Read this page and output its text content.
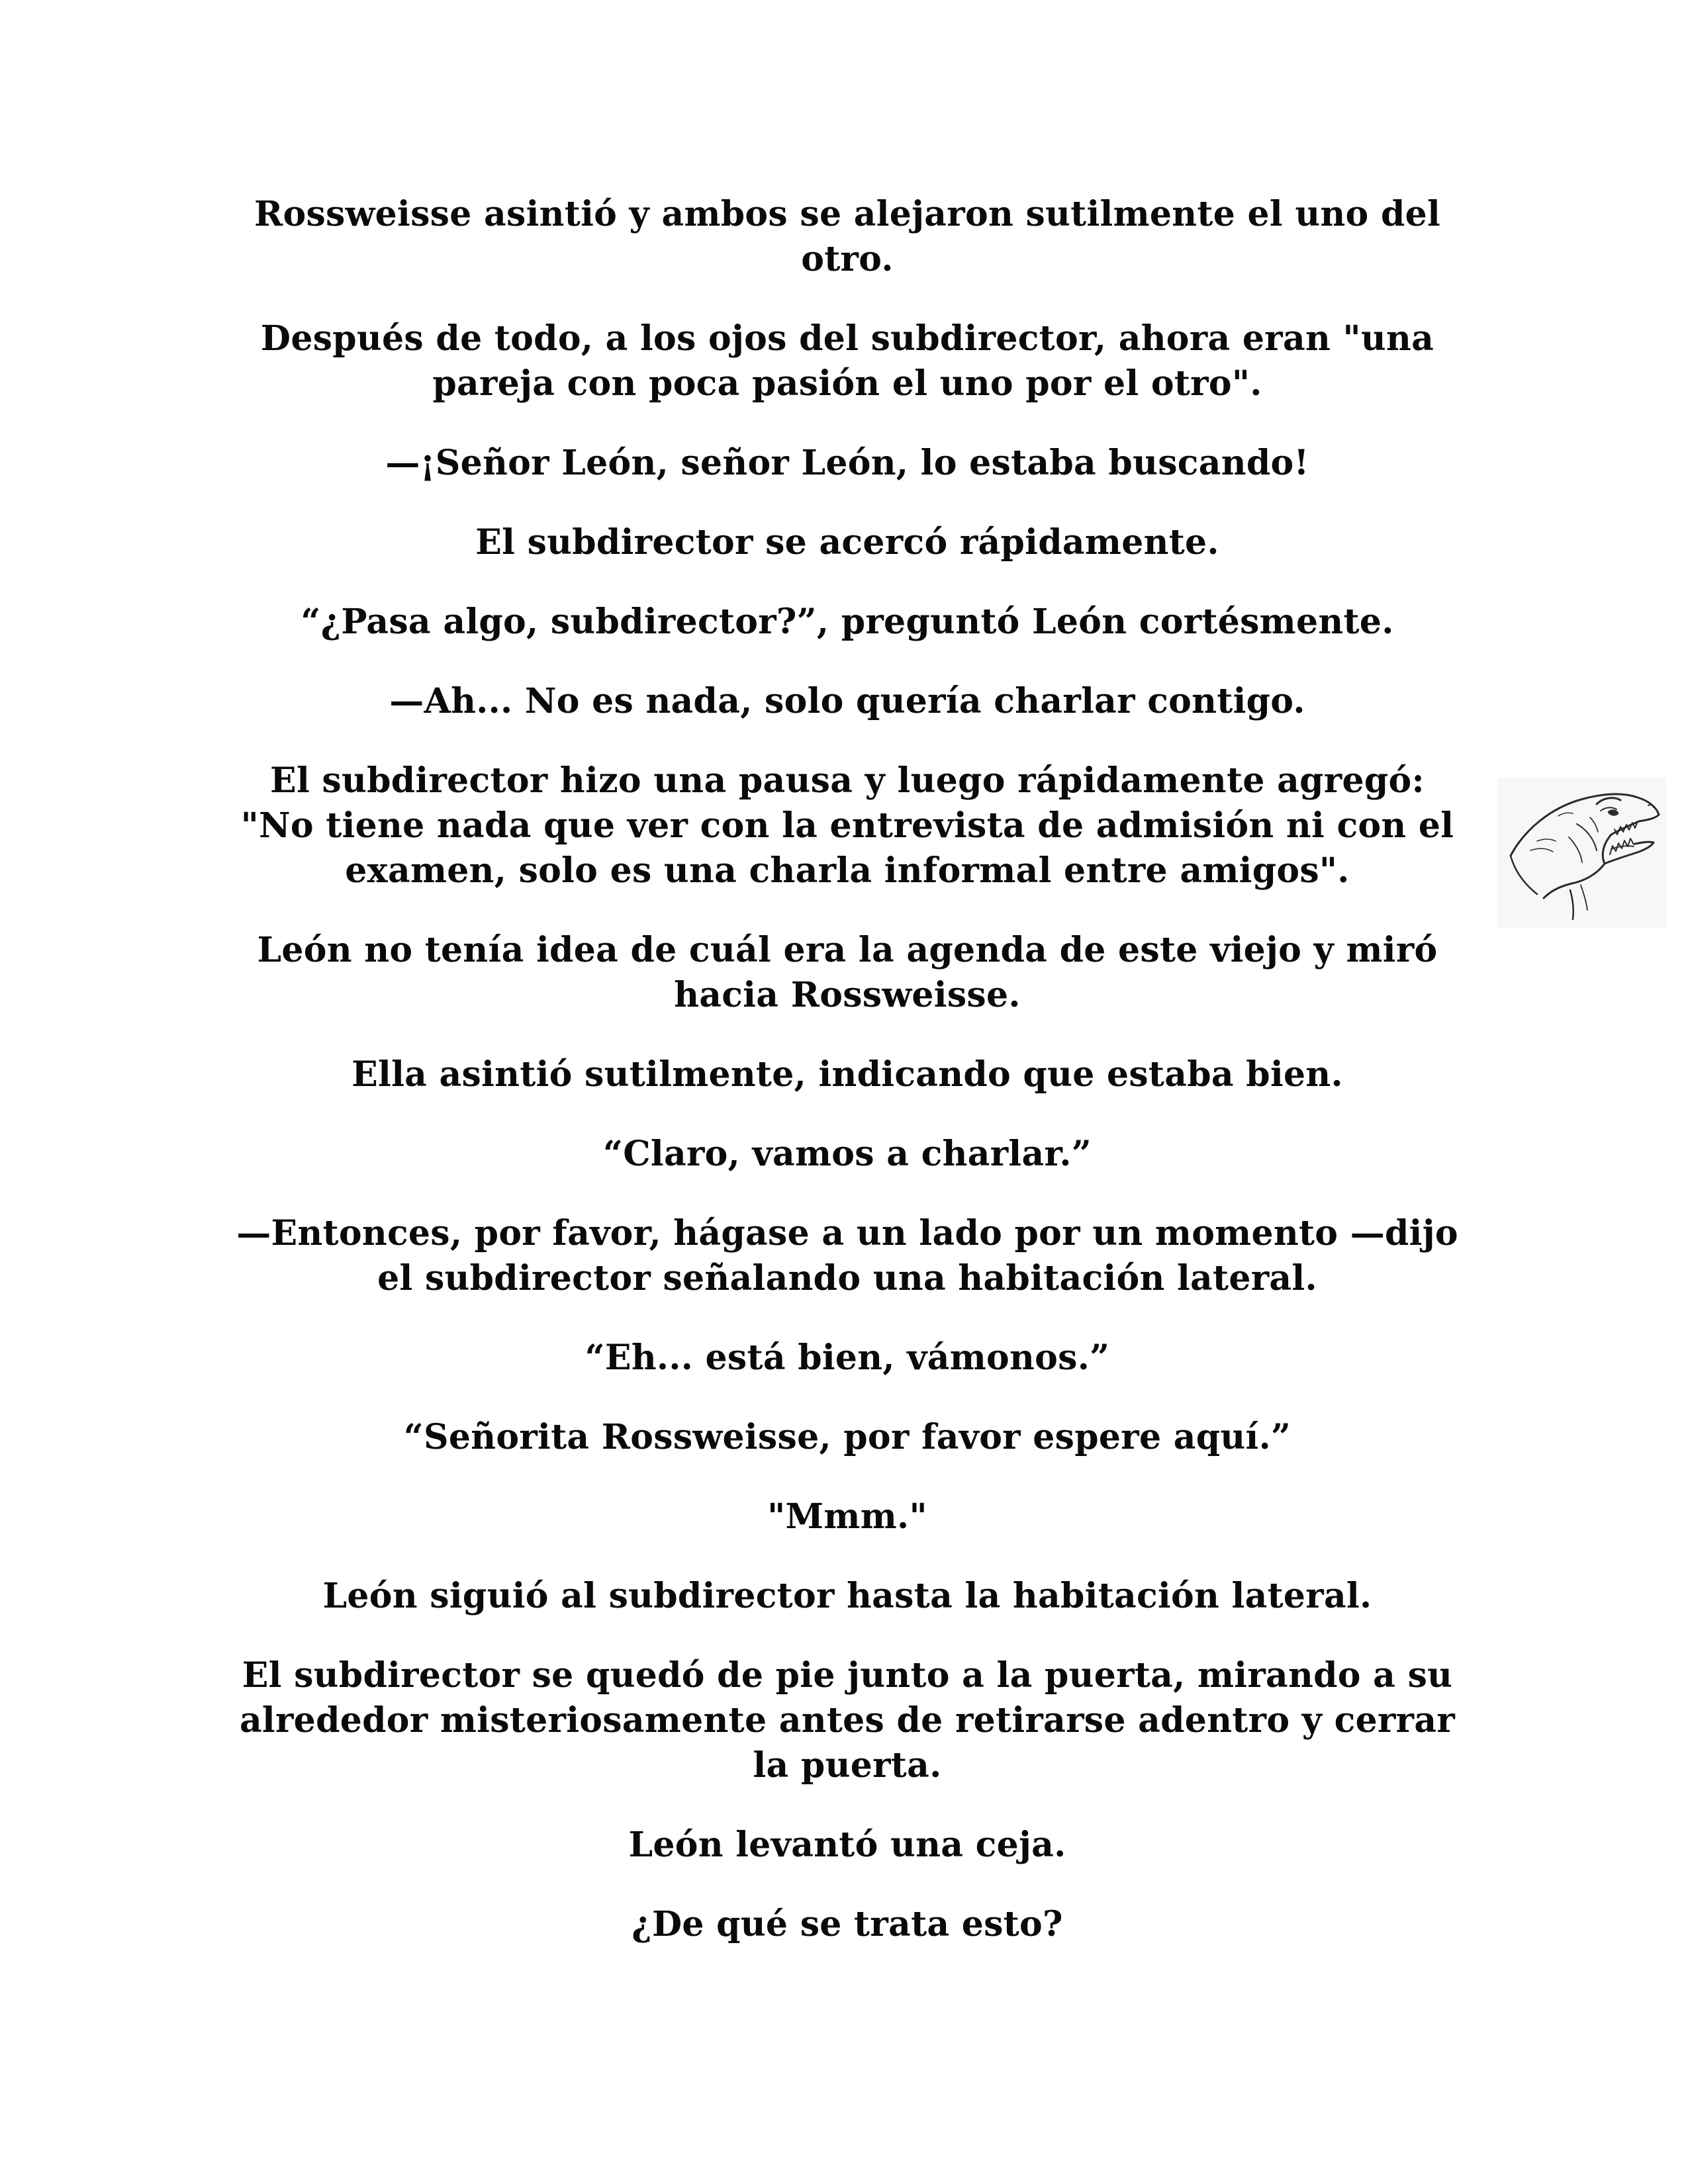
Rossweisse asintió y ambos se alejaron sutilmente el uno del
otro.

Después de todo, a los ojos del subdirector, ahora eran "una
pareja con poca pasión el uno por el otro".

—¡Señor León, señor León, lo estaba buscando!

El subdirector se acercó rápidamente.

“¿Pasa algo, subdirector?”, preguntó León cortésmente.

—Ah... No es nada, solo quería charlar contigo.

El subdirector hizo una pausa y luego rápidamente agregó:
"No tiene nada que ver con la entrevista de admisión ni con el
examen, solo es una charla informal entre amigos".

León no tenía idea de cuál era la agenda de este viejo y miró
hacia Rossweisse.

Ella asintió sutilmente, indicando que estaba bien.

“Claro, vamos a charlar.”

—Entonces, por favor, hágase a un lado por un momento —dijo
el subdirector señalando una habitación lateral.

“Eh... está bien, vámonos.”

“Señorita Rossweisse, por favor espere aquí.”

"Mmm."

León siguió al subdirector hasta la habitación lateral.

El subdirector se quedó de pie junto a la puerta, mirando a su
alrededor misteriosamente antes de retirarse adentro y cerrar
la puerta.

León levantó una ceja.

¿De qué se trata esto?
